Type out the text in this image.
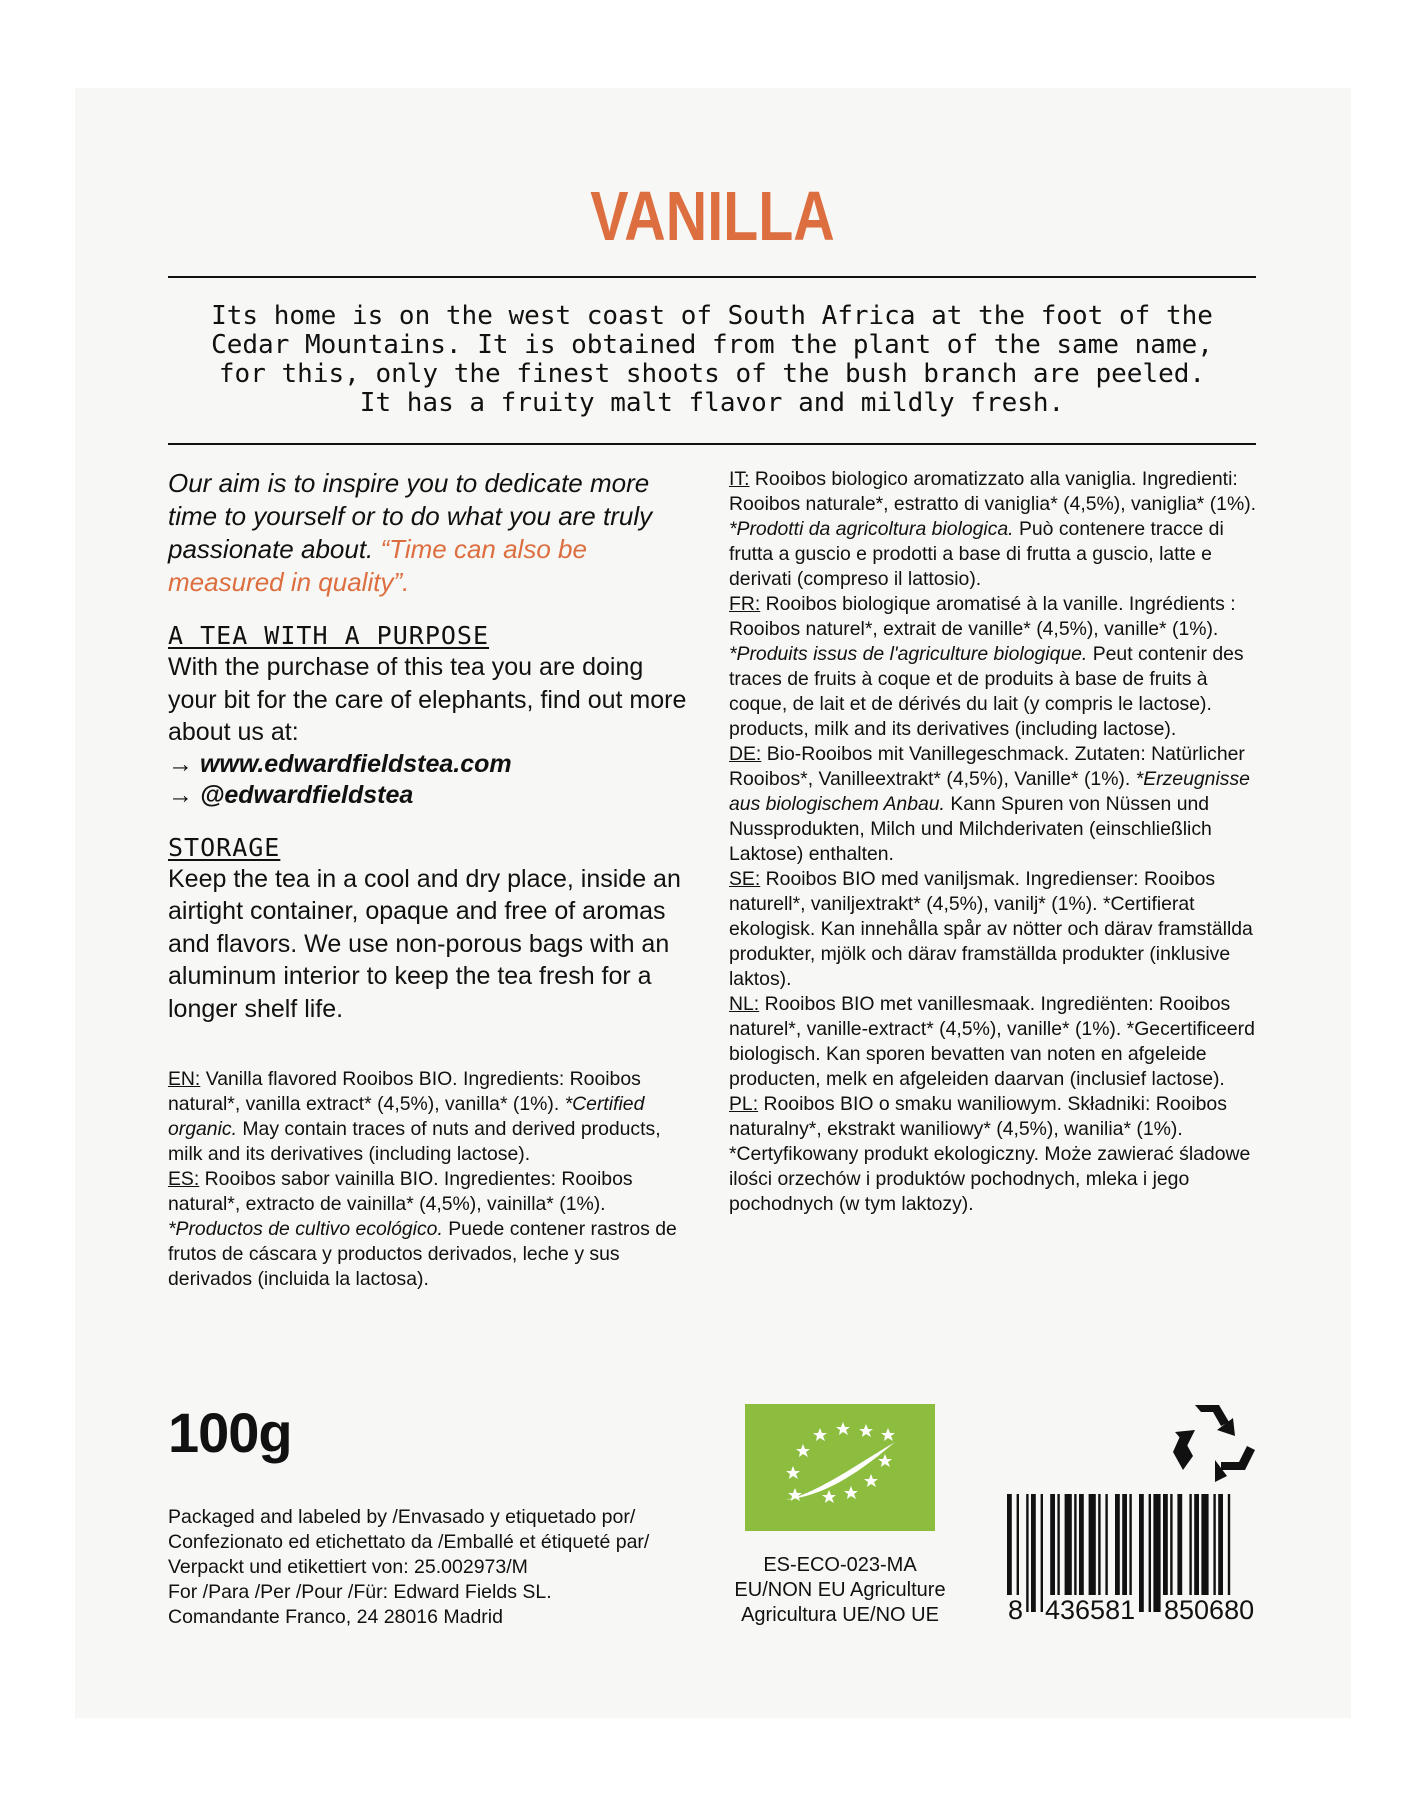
VANILLA
Its home is on the west coast of South Africa at the foot of the
Cedar Mountains. It is obtained from the plant of the same name,
for this, only the finest shoots of the bush branch are peeled.
It has a fruity malt flavor and mildly fresh.

Our aim is to inspire you to dedicate more time to yourself or to do what you are truly passionate about. “Time can also be measured in quality”.

A TEA WITH A PURPOSE
With the purchase of this tea you are doing your bit for the care of elephants, find out more about us at:
→ www.edwardfieldstea.com
→ @edwardfieldstea
STORAGE
Keep the tea in a cool and dry place, inside an airtight container, opaque and free of aromas and flavors. We use non-porous bags with an aluminum interior to keep the tea fresh for a longer shelf life.
EN: Vanilla flavored Rooibos BIO. Ingredients: Rooibos natural*, vanilla extract* (4,5%), vanilla* (1%). *Certified organic. May contain traces of nuts and derived products, milk and its derivatives (including lactose).
ES: Rooibos sabor vainilla BIO. Ingredientes: Rooibos natural*, extracto de vainilla* (4,5%), vainilla* (1%). *Productos de cultivo ecológico. Puede contener rastros de frutos de cáscara y productos derivados, leche y sus derivados (incluida la lactosa).
IT: Rooibos biologico aromatizzato alla vaniglia. Ingredienti: Rooibos naturale*, estratto di vaniglia* (4,5%), vaniglia* (1%). *Prodotti da agricoltura biologica. Può contenere tracce di frutta a guscio e prodotti a base di frutta a guscio, latte e derivati (compreso il lattosio).
FR: Rooibos biologique aromatisé à la vanille. Ingrédients : Rooibos naturel*, extrait de vanille* (4,5%), vanille* (1%). *Produits issus de l'agriculture biologique. Peut contenir des traces de fruits à coque et de produits à base de fruits à coque, de lait et de dérivés du lait (y compris le lactose). products, milk and its derivatives (including lactose).
DE: Bio-Rooibos mit Vanillegeschmack. Zutaten: Natürlicher Rooibos*, Vanilleextrakt* (4,5%), Vanille* (1%). *Erzeugnisse aus biologischem Anbau. Kann Spuren von Nüssen und Nussprodukten, Milch und Milchderivaten (einschließlich Laktose) enthalten.
SE: Rooibos BIO med vaniljsmak. Ingredienser: Rooibos naturell*, vaniljextrakt* (4,5%), vanilj* (1%). *Certifierat ekologisk. Kan innehålla spår av nötter och därav framställda produkter, mjölk och därav framställda produkter (inklusive laktos).
NL: Rooibos BIO met vanillesmaak. Ingrediënten: Rooibos naturel*, vanille-extract* (4,5%), vanille* (1%). *Gecertificeerd biologisch. Kan sporen bevatten van noten en afgeleide producten, melk en afgeleiden daarvan (inclusief lactose).
PL: Rooibos BIO o smaku waniliowym. Składniki: Rooibos naturalny*, ekstrakt waniliowy* (4,5%), wanilia* (1%). *Certyfikowany produkt ekologiczny. Może zawierać śladowe ilości orzechów i produktów pochodnych, mleka i jego pochodnych (w tym laktozy).
100g
Packaged and labeled by /Envasado y etiquetado por/
Confezionato ed etichettato da /Emballé et étiqueté par/
Verpackt und etikettiert von: 25.002973/M
For /Para /Per /Pour /Für: Edward Fields SL.
Comandante Franco, 24 28016 Madrid
ES-ECO-023-MA
EU/NON EU Agriculture
Agricultura UE/NO UE	8 436581 850680
